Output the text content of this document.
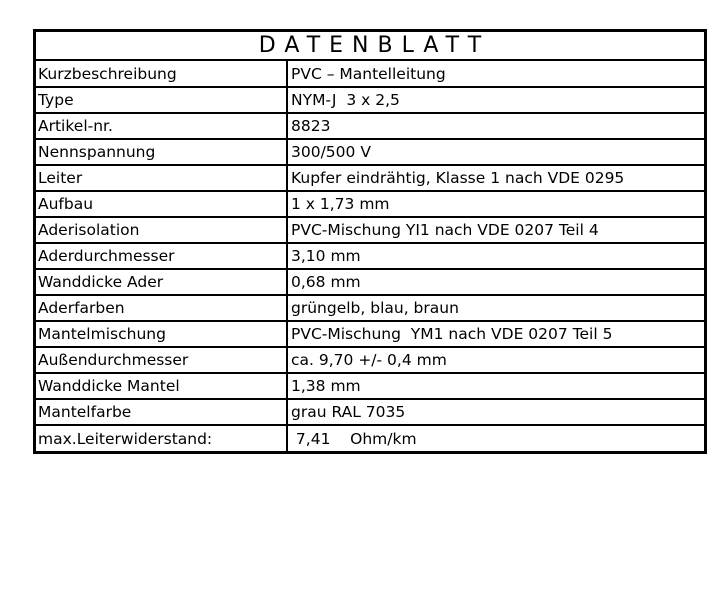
DATENBLATT
Kurzbeschreibung	PVC – Mantelleitung
Type	NYM-J  3 x 2,5
Artikel-nr.	8823
Nennspannung	300/500 V
Leiter	Kupfer eindrähtig, Klasse 1 nach VDE 0295
Aufbau	1 x 1,73 mm
Aderisolation	PVC-Mischung YI1 nach VDE 0207 Teil 4
Aderdurchmesser	3,10 mm
Wanddicke Ader	0,68 mm
Aderfarben	grüngelb, blau, braun
Mantelmischung	PVC-Mischung  YM1 nach VDE 0207 Teil 5
Außendurchmesser	ca. 9,70 +/- 0,4 mm
Wanddicke Mantel	1,38 mm
Mantelfarbe	grau RAL 7035
max.Leiterwiderstand:	7,41    Ohm/km
